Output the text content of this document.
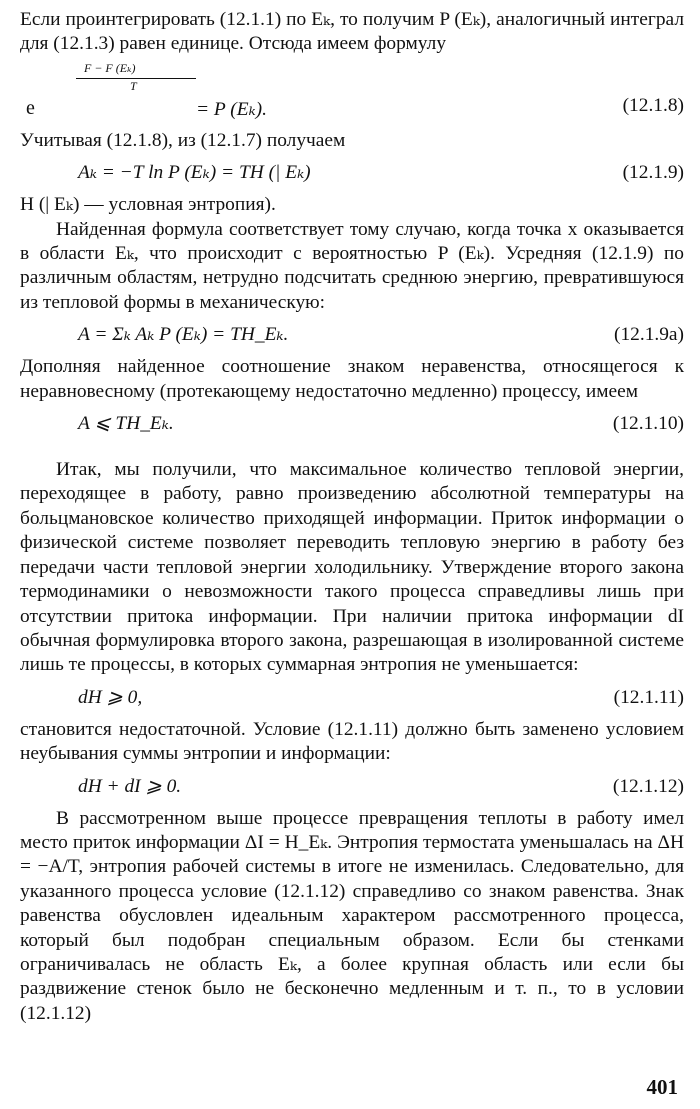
Если проинтегрировать (12.1.1) по Eₖ, то получим P (Eₖ), аналогичный интеграл для (12.1.3) равен единице. Отсюда имеем формулу

e
F − F (Eₖ)
T
= P (Eₖ).	(12.1.8)

Учитывая (12.1.8), из (12.1.7) получаем

Aₖ = −T ln P (Eₖ) = TH (| Eₖ)	(12.1.9)

H (| Eₖ) — условная энтропия).

Найденная формула соответствует тому случаю, когда точка x оказывается в области Eₖ, что происходит с вероятностью P (Eₖ). Усредняя (12.1.9) по различным областям, нетрудно подсчитать среднюю энергию, превратившуюся из тепловой формы в механическую:

A = Σₖ Aₖ P (Eₖ) = TH_Eₖ.	(12.1.9a)

Дополняя найденное соотношение знаком неравенства, относящегося к неравновесному (протекающему недостаточно медленно) процессу, имеем

A ⩽ TH_Eₖ.	(12.1.10)

Итак, мы получили, что максимальное количество тепловой энергии, переходящее в работу, равно произведению абсолютной температуры на больцмановское количество приходящей информации. Приток информации о физической системе позволяет переводить тепловую энергию в работу без передачи части тепловой энергии холодильнику. Утверждение второго закона термодинамики о невозможности такого процесса справедливы лишь при отсутствии притока информации. При наличии притока информации dI обычная формулировка второго закона, разрешающая в изолированной системе лишь те процессы, в которых суммарная энтропия не уменьшается:

dH ⩾ 0,	(12.1.11)

становится недостаточной. Условие (12.1.11) должно быть заменено условием неубывания суммы энтропии и информации:

dH + dI ⩾ 0.	(12.1.12)

В рассмотренном выше процессе превращения теплоты в работу имел место приток информации ΔI = H_Eₖ. Энтропия термостата уменьшалась на ΔH = −A/T, энтропия рабочей системы в итоге не изменилась. Следовательно, для указанного процесса условие (12.1.12) справедливо со знаком равенства. Знак равенства обусловлен идеальным характером рассмотренного процесса, который был подобран специальным образом. Если бы стенками ограничивалась не область Eₖ, а более крупная область или если бы раздвижение стенок было не бесконечно медленным и т. п., то в условии (12.1.12)

401
